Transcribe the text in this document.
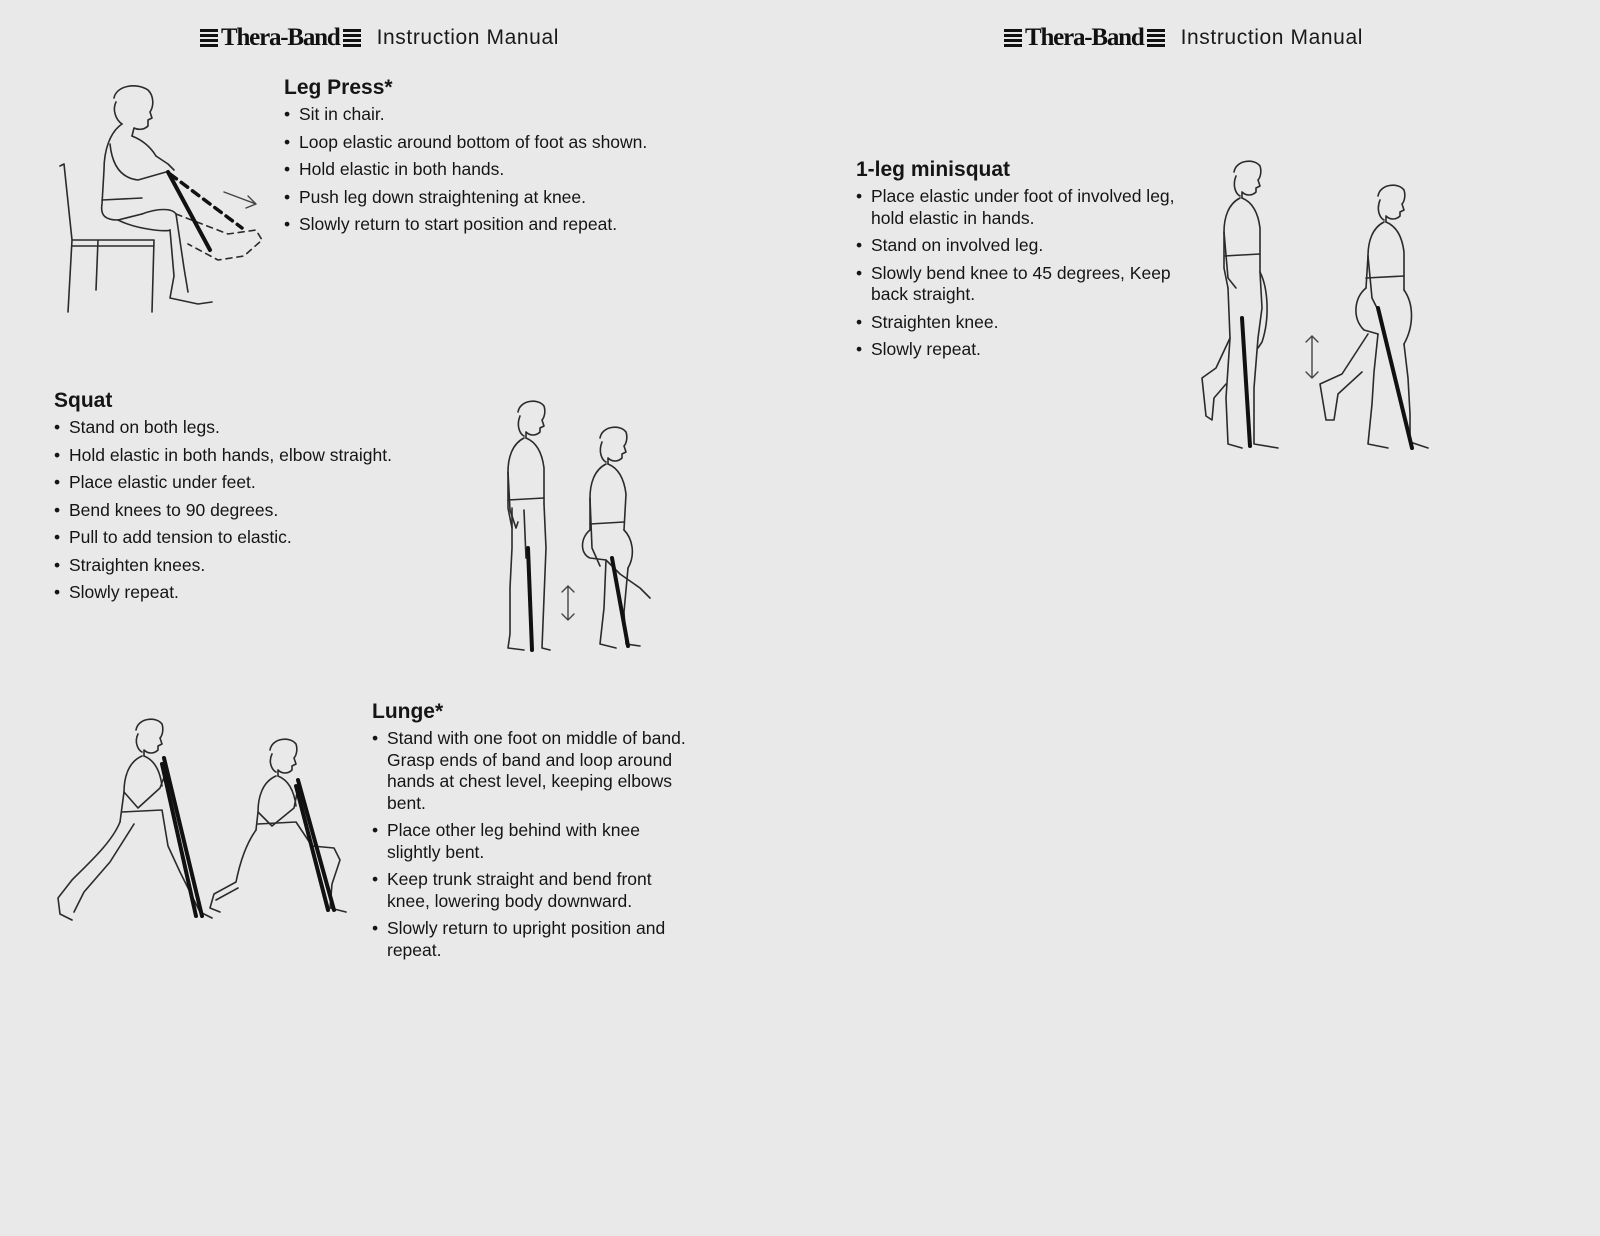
Thera-Band Instruction Manual
Leg Press*
• Sit in chair.
• Loop elastic around bottom of foot as shown.
• Hold elastic in both hands.
• Push leg down straightening at knee.
• Slowly return to start position and repeat.
Squat
• Stand on both legs.
• Hold elastic in both hands, elbow straight.
• Place elastic under feet.
• Bend knees to 90 degrees.
• Pull to add tension to elastic.
• Straighten knees.
• Slowly repeat.
Lunge*
• Stand with one foot on middle of band. Grasp ends of band and loop around hands at chest level, keeping elbows bent.
• Place other leg behind with knee slightly bent.
• Keep trunk straight and bend front knee, lowering body downward.
• Slowly return to upright position and repeat.
Thera-Band Instruction Manual
1-leg minisquat
• Place elastic under foot of involved leg, hold elastic in hands.
• Stand on involved leg.
• Slowly bend knee to 45 degrees, Keep back straight.
• Straighten knee.
• Slowly repeat.
